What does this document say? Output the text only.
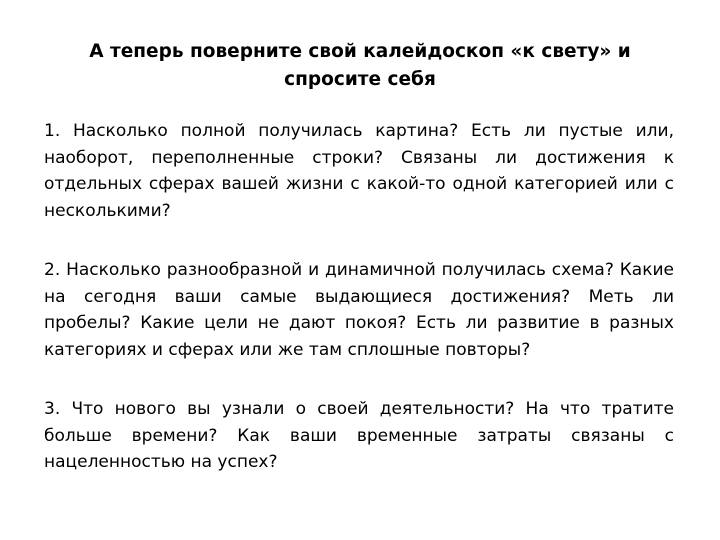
А теперь поверните свой калейдоскоп «к свету» и спросите себя

1. Насколько полной получилась картина? Есть ли пустые или, наоборот, переполненные строки? Связаны ли достижения к отдельных сферах вашей жизни с какой-то одной категорией или с несколькими?

2. Насколько разнообразной и динамичной получилась схема? Какие на сегодня ваши самые выдающиеся достижения? Меть ли пробелы? Какие цели не дают покоя? Есть ли развитие в разных категориях и сферах или же там сплошные повторы?

3. Что нового вы узнали о своей деятельности? На что тратите больше времени? Как ваши временные затраты связаны с нацеленностью на успех?
